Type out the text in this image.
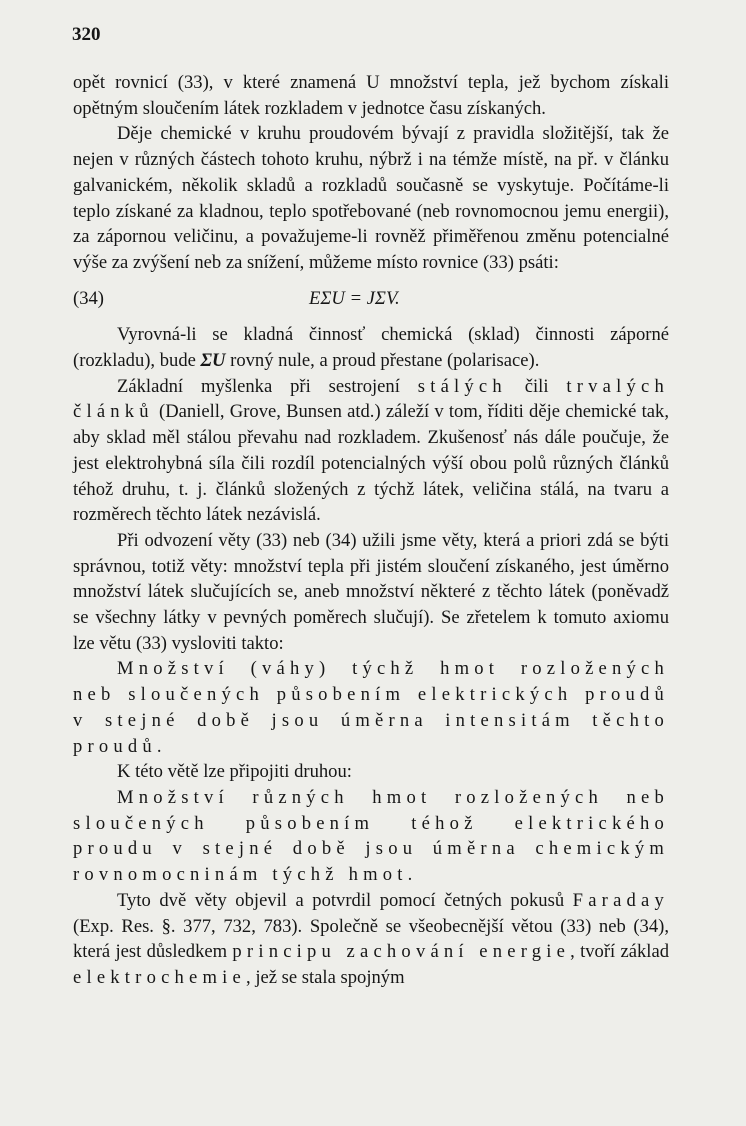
320

opět rovnicí (33), v které znamená U množství tepla, jež bychom získali opětným sloučením látek rozkladem v jednotce času získaných.

Děje chemické v kruhu proudovém bývají z pravidla složitější, tak že nejen v různých částech tohoto kruhu, nýbrž i na témže místě, na př. v článku galvanickém, několik skladů a rozkladů současně se vyskytuje. Počítáme-li teplo získané za kladnou, teplo spotřebované (neb rovnomocnou jemu energii), za zápornou veličinu, a považujeme-li rovněž přiměřenou změnu potencialné výše za zvýšení neb za snížení, můžeme místo rovnice (33) psáti:

(34)	EΣU = JΣV.

Vyrovná-li se kladná činnosť chemická (sklad) činnosti záporné (rozkladu), bude ΣU rovný nule, a proud přestane (polarisace).

Základní myšlenka při sestrojení stálých čili trvalých článků (Daniell, Grove, Bunsen atd.) záleží v tom, říditi děje chemické tak, aby sklad měl stálou převahu nad rozkladem. Zkušenosť nás dále poučuje, že jest elektrohybná síla čili rozdíl potencialných výší obou polů různých článků téhož druhu, t. j. článků složených z týchž látek, veličina stálá, na tvaru a rozměrech těchto látek nezávislá.

Při odvození věty (33) neb (34) užili jsme věty, která a priori zdá se býti správnou, totiž věty: množství tepla při jistém sloučení získaného, jest úměrno množství látek slučujících se, aneb množství některé z těchto látek (poněvadž se všechny látky v pevných poměrech slučují). Se zřetelem k tomuto axiomu lze větu (33) vysloviti takto:

Množství (váhy) týchž hmot rozložených neb sloučených působením elektrických proudů v stejné době jsou úměrna intensitám těchto proudů.

K této větě lze připojiti druhou:

Množství různých hmot rozložených neb sloučených působením téhož elektrického proudu v stejné době jsou úměrna chemickým rovnomocninám týchž hmot.

Tyto dvě věty objevil a potvrdil pomocí četných pokusů Faraday (Exp. Res. §. 377, 732, 783). Společně se všeobecnější větou (33) neb (34), která jest důsledkem principu zachování energie, tvoří základ elektrochemie, jež se stala spojným
